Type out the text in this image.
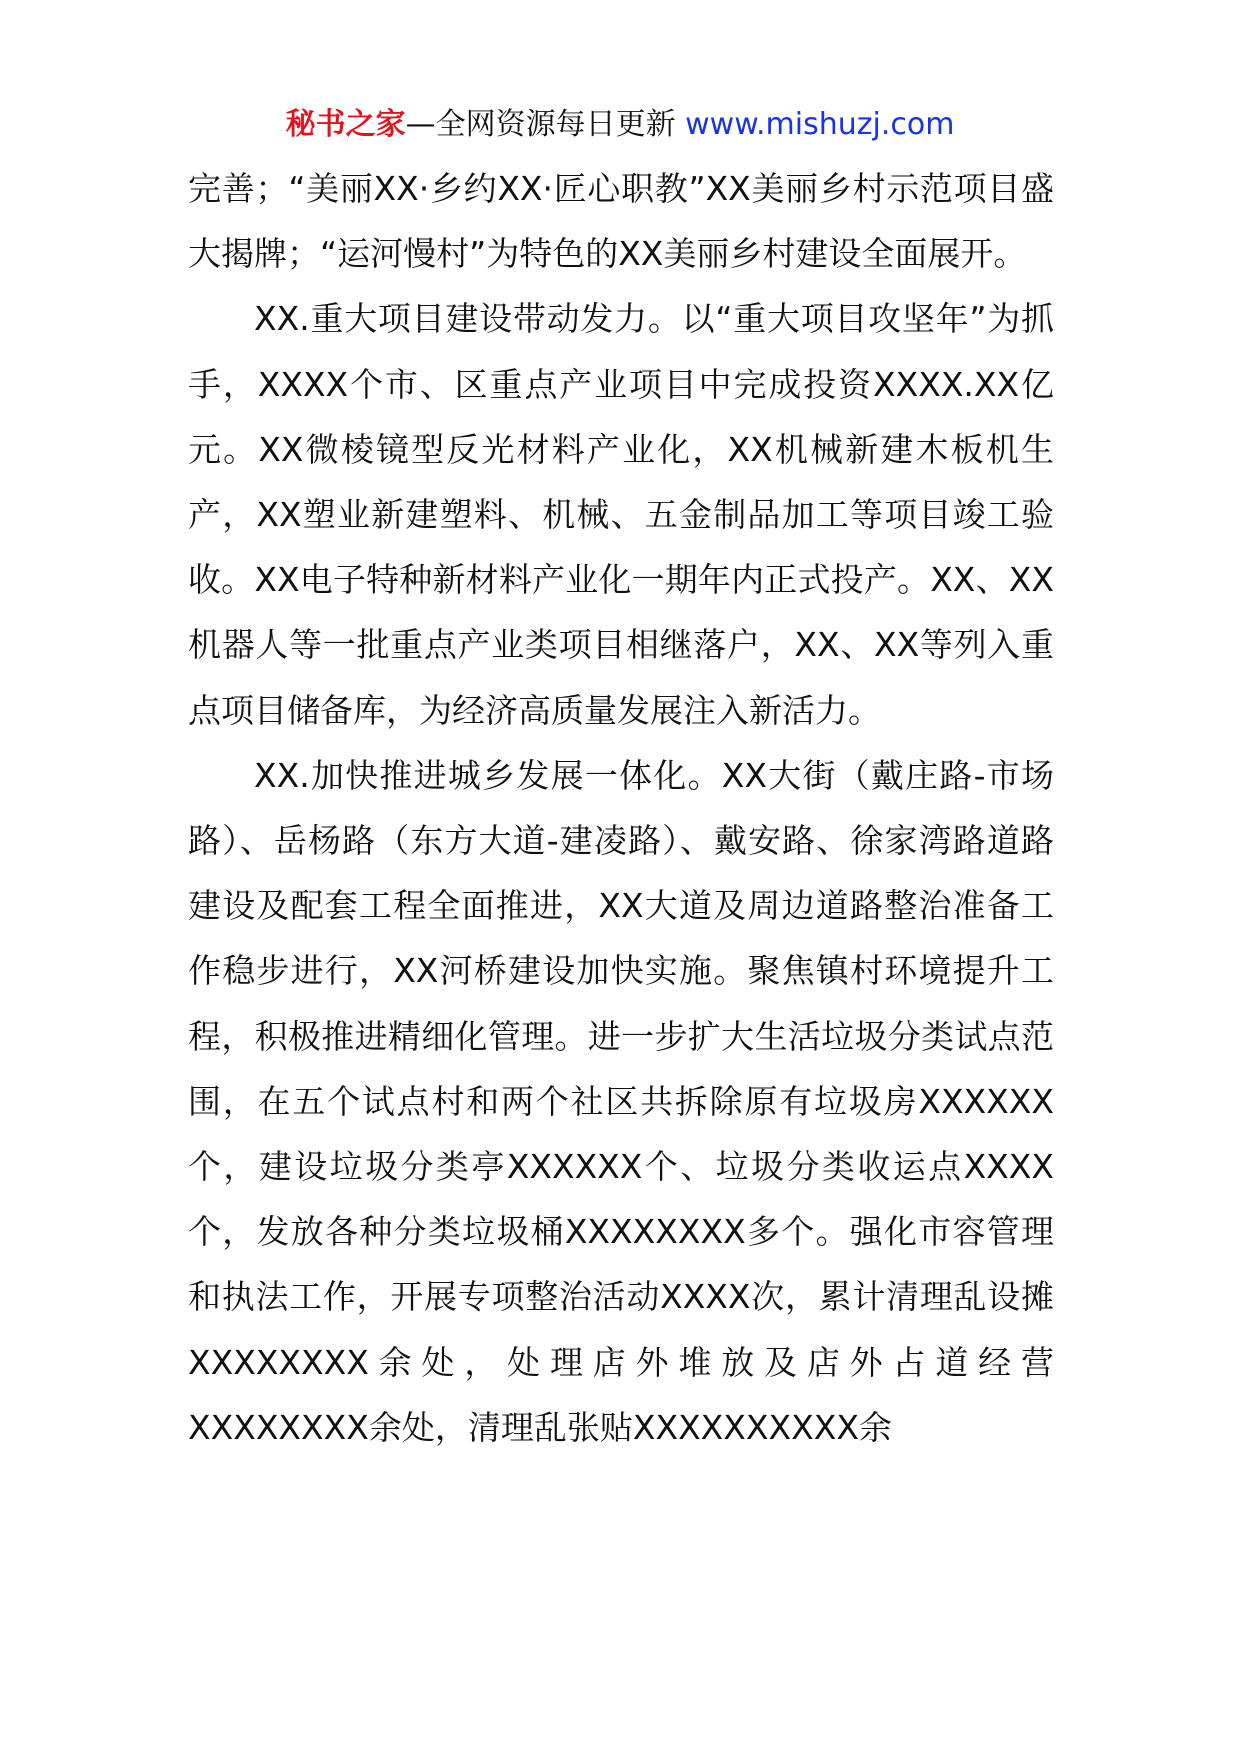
秘书之家—全网资源每日更新 www.mishuzj.com

完善；“美丽XX·乡约XX·匠心职教”XX美丽乡村示范项目盛大揭牌；“运河慢村”为特色的XX美丽乡村建设全面展开。

XX.重大项目建设带动发力。以“重大项目攻坚年”为抓手，XXXX个市、区重点产业项目中完成投资XXXX.XX亿元。XX微棱镜型反光材料产业化，XX机械新建木板机生产，XX塑业新建塑料、机械、五金制品加工等项目竣工验收。XX电子特种新材料产业化一期年内正式投产。XX、XX机器人等一批重点产业类项目相继落户，XX、XX等列入重点项目储备库，为经济高质量发展注入新活力。

XX.加快推进城乡发展一体化。XX大街（戴庄路-市场路）、岳杨路（东方大道-建凌路）、戴安路、徐家湾路道路建设及配套工程全面推进，XX大道及周边道路整治准备工作稳步进行，XX河桥建设加快实施。聚焦镇村环境提升工程，积极推进精细化管理。进一步扩大生活垃圾分类试点范围，在五个试点村和两个社区共拆除原有垃圾房XXXXXX个，建设垃圾分类亭XXXXXX个、垃圾分类收运点XXXX个，发放各种分类垃圾桶XXXXXXXX多个。强化市容管理和执法工作，开展专项整治活动XXXX次，累计清理乱设摊XXXXXXXX余处，处理店外堆放及店外占道经营XXXXXXXX余处，清理乱张贴XXXXXXXXXX余
